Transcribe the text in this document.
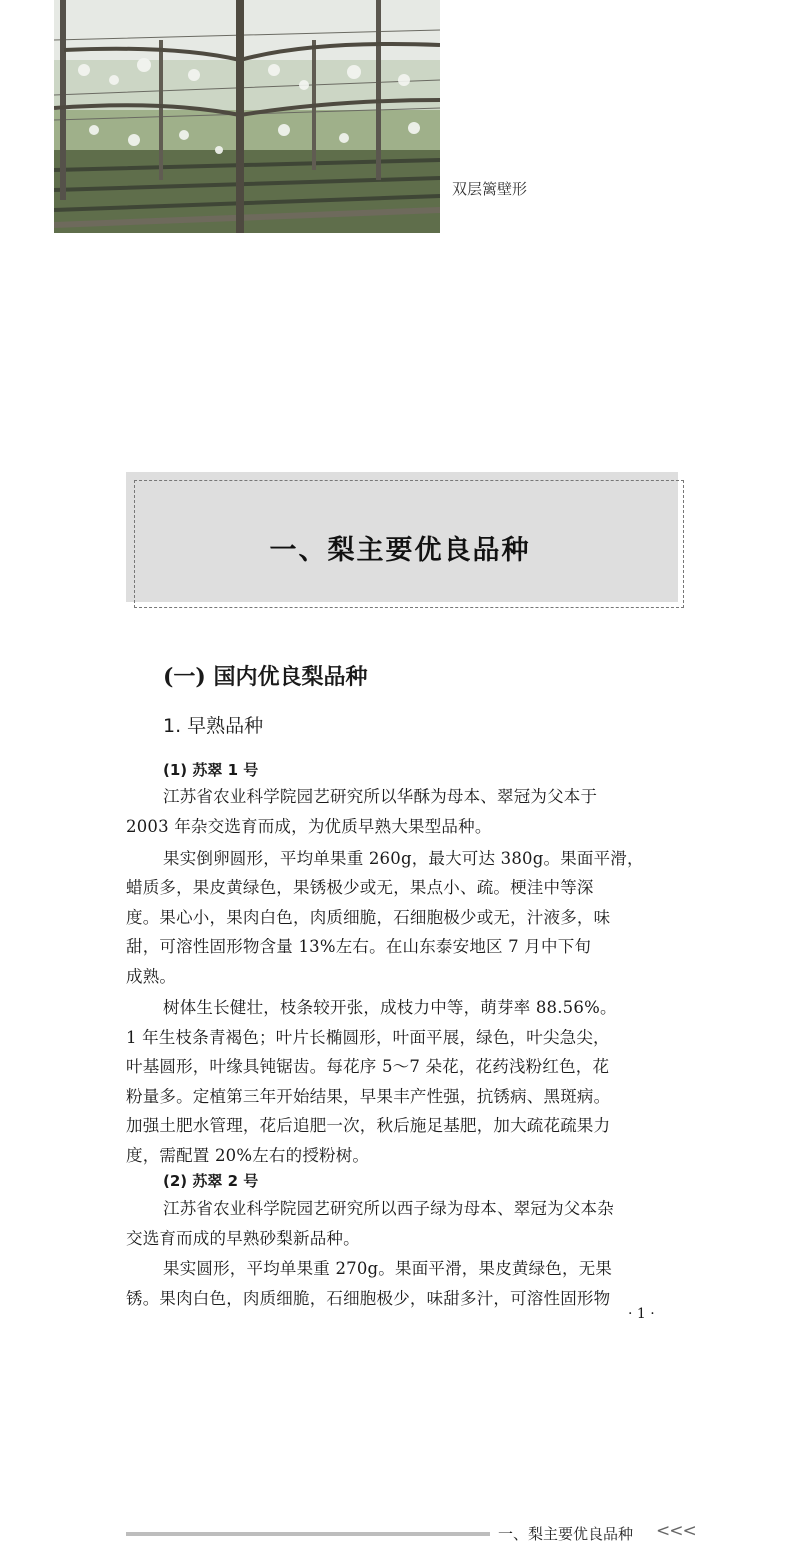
双层篱壁形
一、梨主要优良品种
(一) 国内优良梨品种
1. 早熟品种
(1) 苏翠 1 号
江苏省农业科学院园艺研究所以华酥为母本、翠冠为父本于
2003 年杂交选育而成，为优质早熟大果型品种。
果实倒卵圆形，平均单果重 260g，最大可达 380g。果面平滑，
蜡质多，果皮黄绿色，果锈极少或无，果点小、疏。梗洼中等深
度。果心小，果肉白色，肉质细脆，石细胞极少或无，汁液多，味
甜，可溶性固形物含量 13%左右。在山东泰安地区 7 月中下旬
成熟。
树体生长健壮，枝条较开张，成枝力中等，萌芽率 88.56%。
1 年生枝条青褐色；叶片长椭圆形，叶面平展，绿色，叶尖急尖，
叶基圆形，叶缘具钝锯齿。每花序 5～7 朵花，花药浅粉红色，花
粉量多。定植第三年开始结果，早果丰产性强，抗锈病、黑斑病。
加强土肥水管理，花后追肥一次，秋后施足基肥，加大疏花疏果力
度，需配置 20%左右的授粉树。
(2) 苏翠 2 号
江苏省农业科学院园艺研究所以西子绿为母本、翠冠为父本杂
交选育而成的早熟砂梨新品种。
果实圆形，平均单果重 270g。果面平滑，果皮黄绿色，无果
锈。果肉白色，肉质细脆，石细胞极少，味甜多汁，可溶性固形物
· 1 ·
一、梨主要优良品种 <<<
